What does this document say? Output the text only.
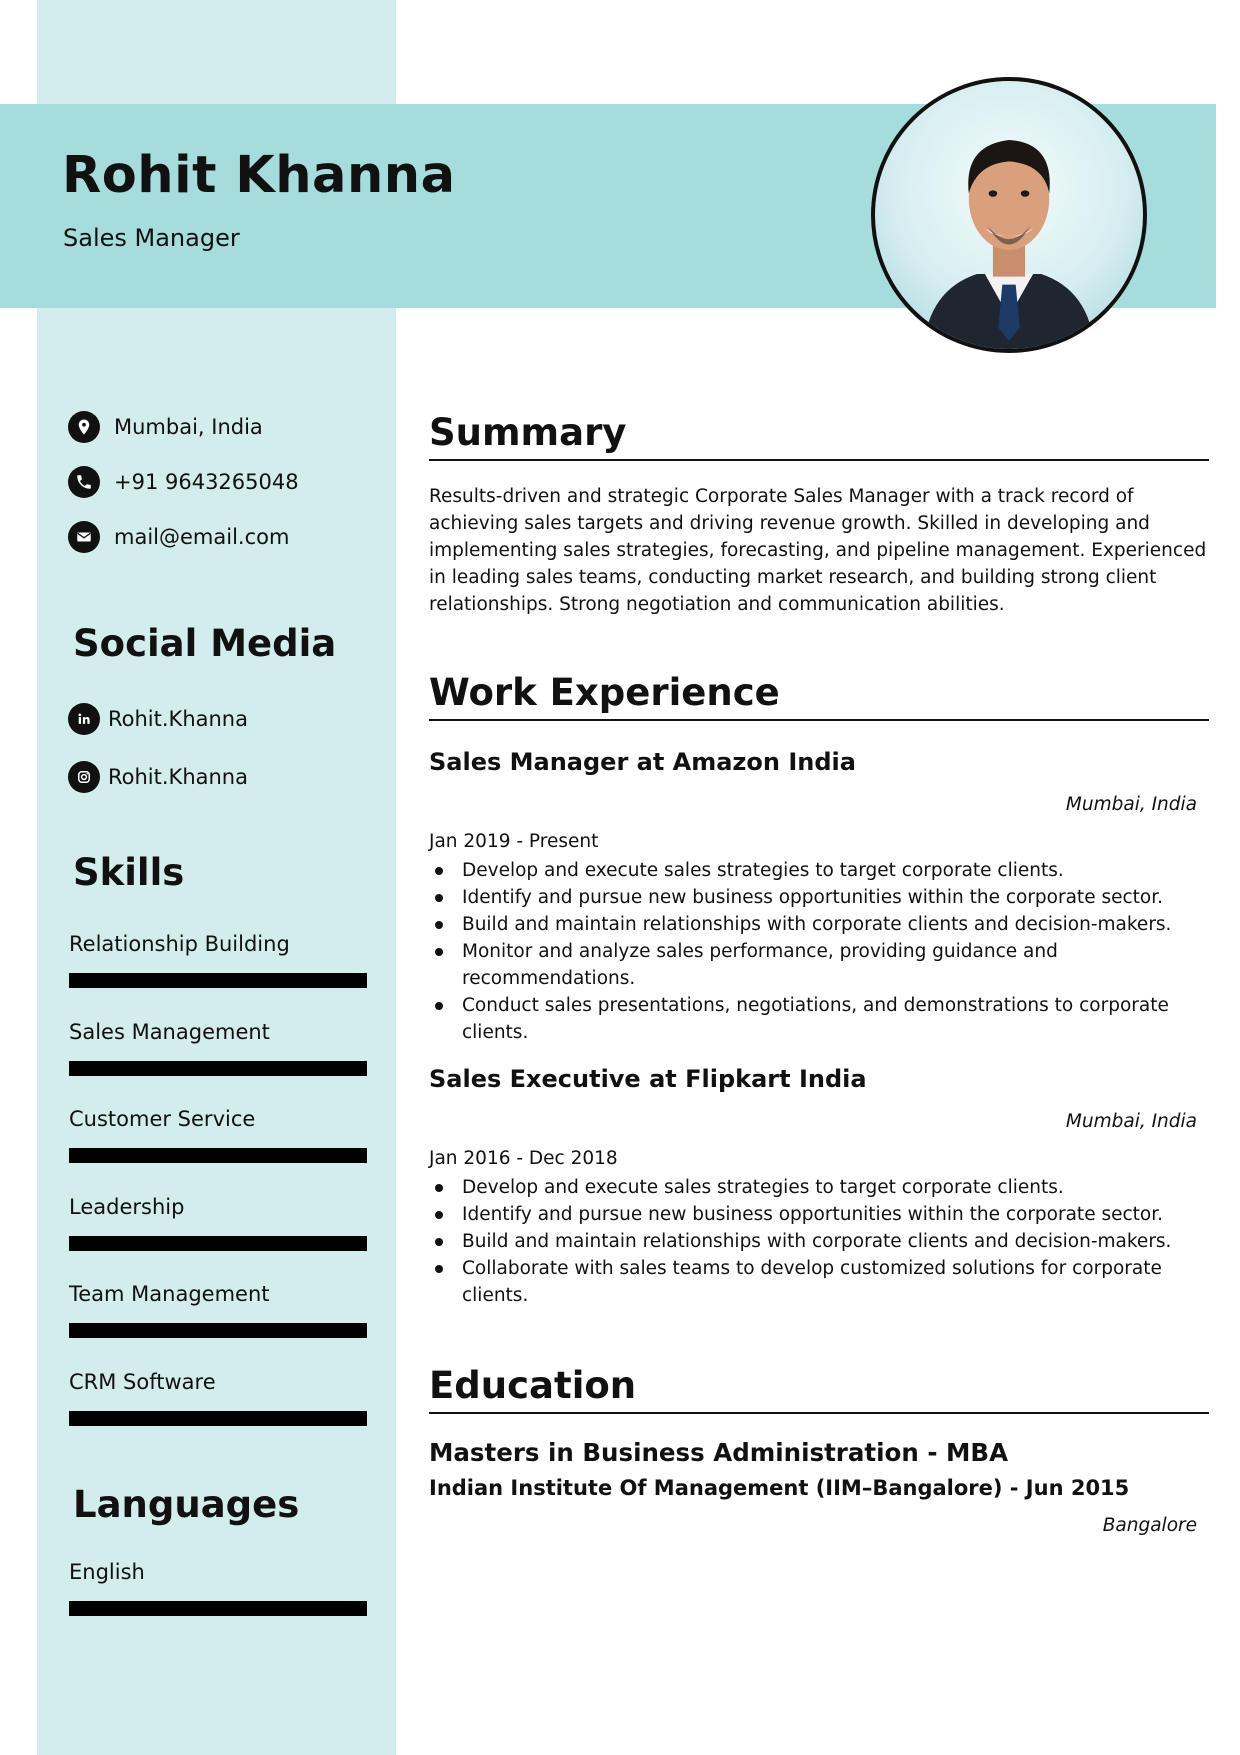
Rohit Khanna
Sales Manager
Mumbai, India
+91 9643265048
mail@email.com
Social Media
Rohit.Khanna
Rohit.Khanna
Skills
Relationship Building
Sales Management
Customer Service
Leadership
Team Management
CRM Software
Languages
English
Summary

Results-driven and strategic Corporate Sales Manager with a track record of achieving sales targets and driving revenue growth. Skilled in developing and implementing sales strategies, forecasting, and pipeline management. Experienced in leading sales teams, conducting market research, and building strong client relationships. Strong negotiation and communication abilities.

Work Experience
Sales Manager at Amazon India
Mumbai, India
Jan 2019 - Present
Develop and execute sales strategies to target corporate clients.
Identify and pursue new business opportunities within the corporate sector.
Build and maintain relationships with corporate clients and decision-makers.
Monitor and analyze sales performance, providing guidance and recommendations.
Conduct sales presentations, negotiations, and demonstrations to corporate clients.
Sales Executive at Flipkart India
Mumbai, India
Jan 2016 - Dec 2018
Develop and execute sales strategies to target corporate clients.
Identify and pursue new business opportunities within the corporate sector.
Build and maintain relationships with corporate clients and decision-makers.
Collaborate with sales teams to develop customized solutions for corporate clients.
Education
Masters in Business Administration - MBA
Indian Institute Of Management (IIM–Bangalore) - Jun 2015
Bangalore
